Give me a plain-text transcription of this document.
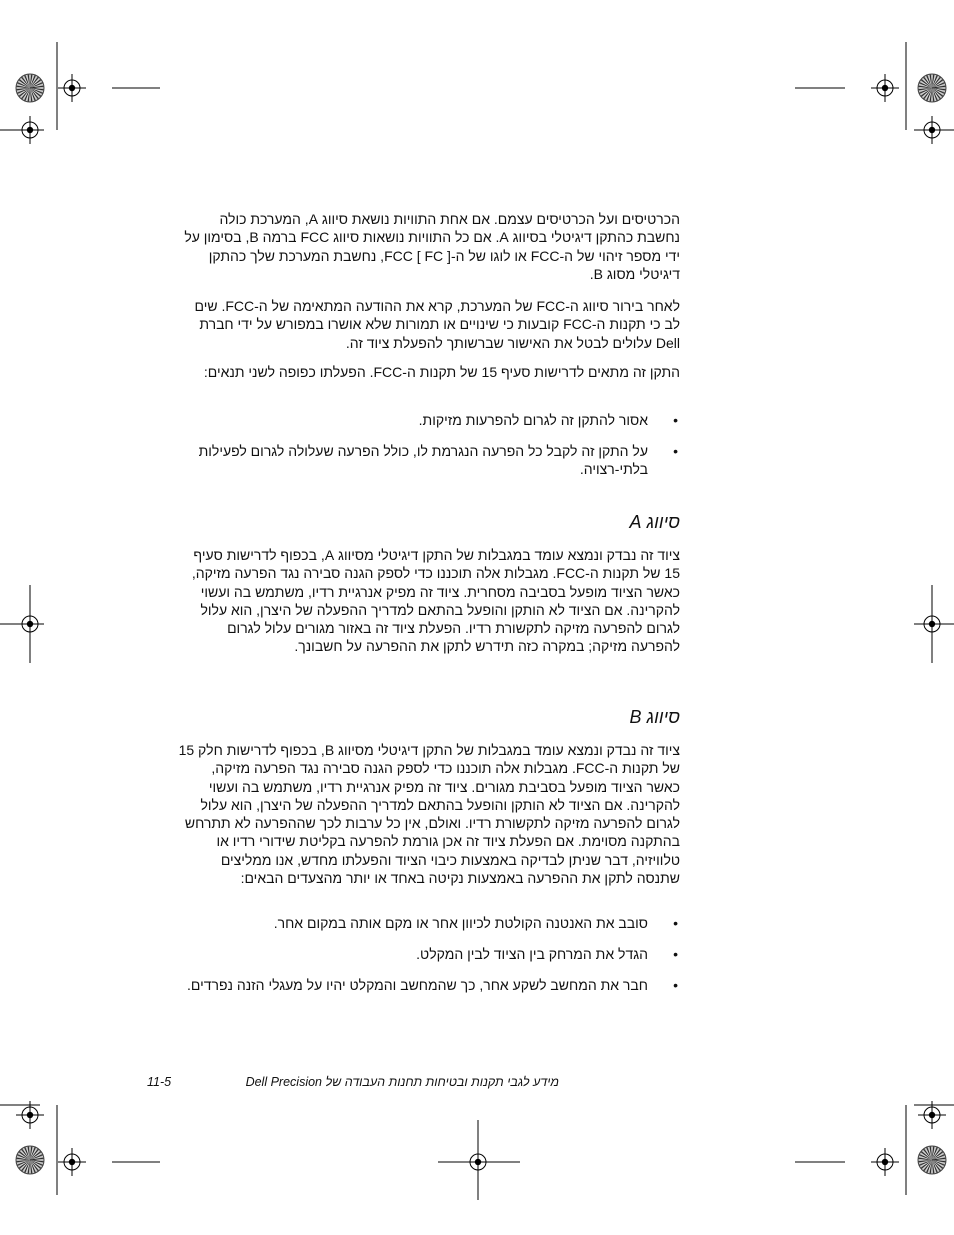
הכרטיסים ועל הכרטיסים עצמם. אם אחת התוויות נושאת סיווג A, המערכת כולה נחשבת כהתקן דיגיטלי בסיווג A. אם כל התוויות נושאות סיווג FCC ברמה B, בסימון על ידי מספר זיהוי של ה-FCC או לוגו של ה-FCC [ FC ], נחשבת המערכת שלך כהתקן דיגיטלי מסוג B.

לאחר בירור סיווג ה-FCC של המערכת, קרא את ההודעה המתאימה של ה-FCC. שים לב כי תקנות ה-FCC קובעות כי שינויים או תמורות שלא אושרו במפורש על ידי חברת Dell עלולים לבטל את האישור שברשותך להפעלת ציוד זה.

התקן זה מתאים לדרישות סעיף 15 של תקנות ה-FCC. הפעלתו כפופה לשני תנאים:

•
אסור להתקן זה לגרום להפרעות מזיקות.
•
על התקן זה לקבל כל הפרעה הנגרמת לו, כולל הפרעה שעלולה לגרום לפעילות בלתי-רצויה.
סיווג A

ציוד זה נבדק ונמצא עומד במגבלות של התקן דיגיטלי מסיווג A, בכפוף לדרישות סעיף 15 של תקנות ה-FCC. מגבלות אלה תוכננו כדי לספק הגנה סבירה נגד הפרעה מזיקה, כאשר הציוד מופעל בסביבה מסחרית. ציוד זה מפיק אנרגיית רדיו, משתמש בה ועשוי להקרינה. אם הציוד לא הותקן והופעל בהתאם למדריך ההפעלה של היצרן, הוא עלול לגרום להפרעה מזיקה לתקשורת רדיו. הפעלת ציוד זה באזור מגורים עלול לגרום להפרעה מזיקה; במקרה כזה תידרש לתקן את ההפרעה על חשבונך.

סיווג B

ציוד זה נבדק ונמצא עומד במגבלות של התקן דיגיטלי מסיווג B, בכפוף לדרישות חלק 15 של תקנות ה-FCC. מגבלות אלה תוכננו כדי לספק הגנה סבירה נגד הפרעה מזיקה, כאשר הציוד מופעל בסביבת מגורים. ציוד זה מפיק אנרגיית רדיו, משתמש בה ועשוי להקרינה. אם הציוד לא הותקן והופעל בהתאם למדריך ההפעלה של היצרן, הוא עלול לגרום להפרעה מזיקה לתקשורת רדיו. ואולם, אין כל ערבות לכך שההפרעה לא תתרחש בהתקנה מסוימת. אם הפעלת ציוד זה אכן גורמת להפרעה בקליטת שידורי רדיו או טלוויזיה, דבר שניתן לבדיקה באמצעות כיבוי הציוד והפעלתו מחדש, אנו ממליצים שתנסה לתקן את ההפרעה באמצעות נקיטה באחד או יותר מהצעדים הבאים:

•
סובב את האנטנה הקולטת לכיוון אחר או מקם אותה במקום אחר.
•
הגדל את המרחק בין הציוד לבין המקלט.
•
חבר את המחשב לשקע אחר, כך שהמחשב והמקלט יהיו על מעגלי הזנה נפרדים.
מידע לגבי תקנות ובטיחות תחנות העבודה של Dell Precision
11-5
